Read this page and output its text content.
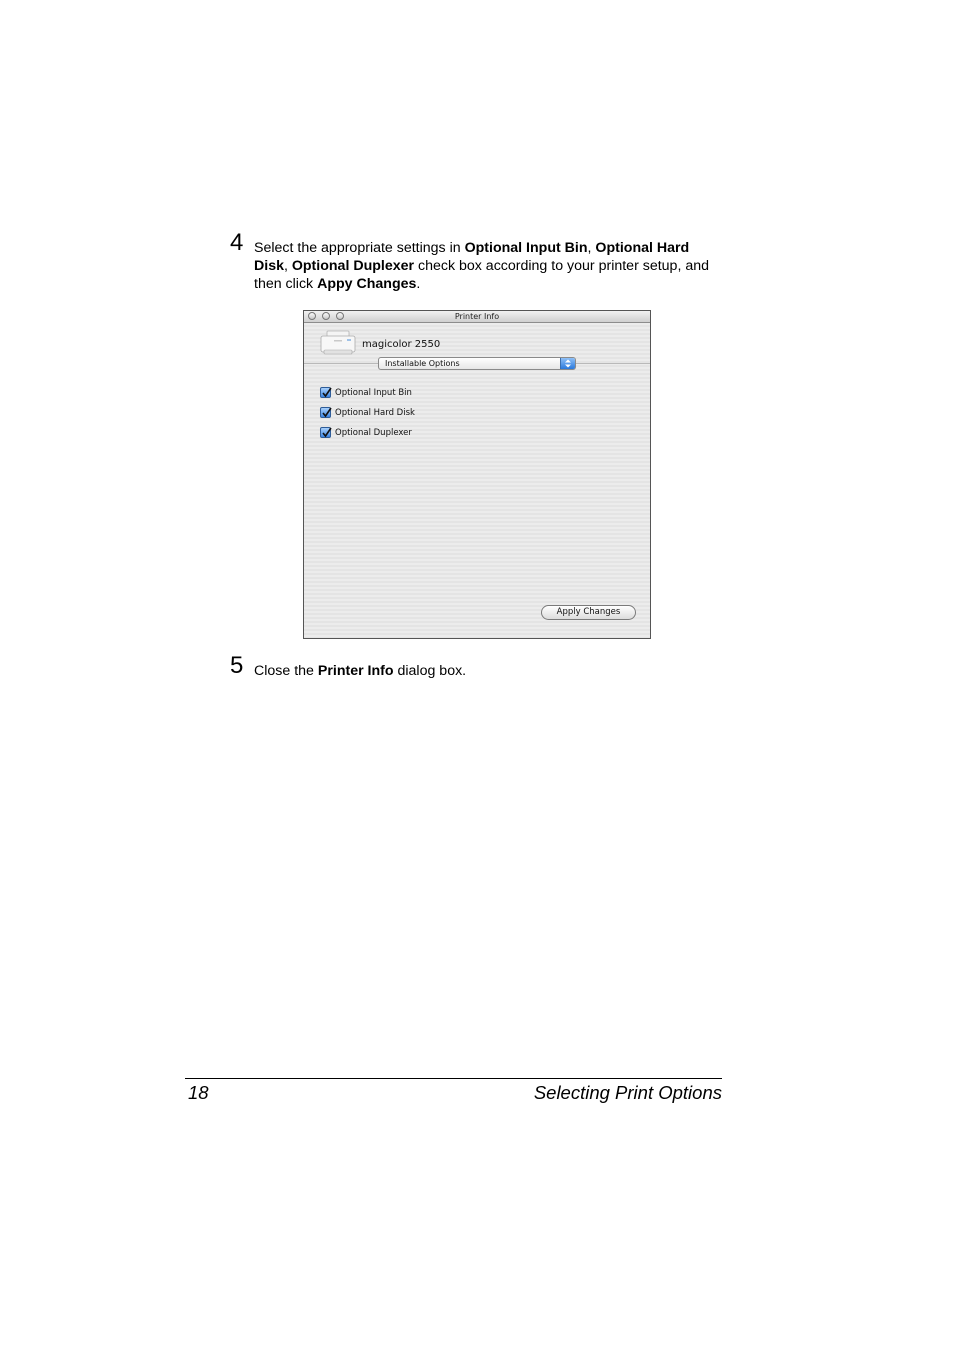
4 Select the appropriate settings in Optional Input Bin, Optional Hard Disk, Optional Duplexer check box according to your printer setup, and then click Appy Changes.
Printer Info
magicolor 2550
Installable Options
Optional Input Bin
Optional Hard Disk
Optional Duplexer
Apply Changes
5 Close the Printer Info dialog box.
18	Selecting Print Options
